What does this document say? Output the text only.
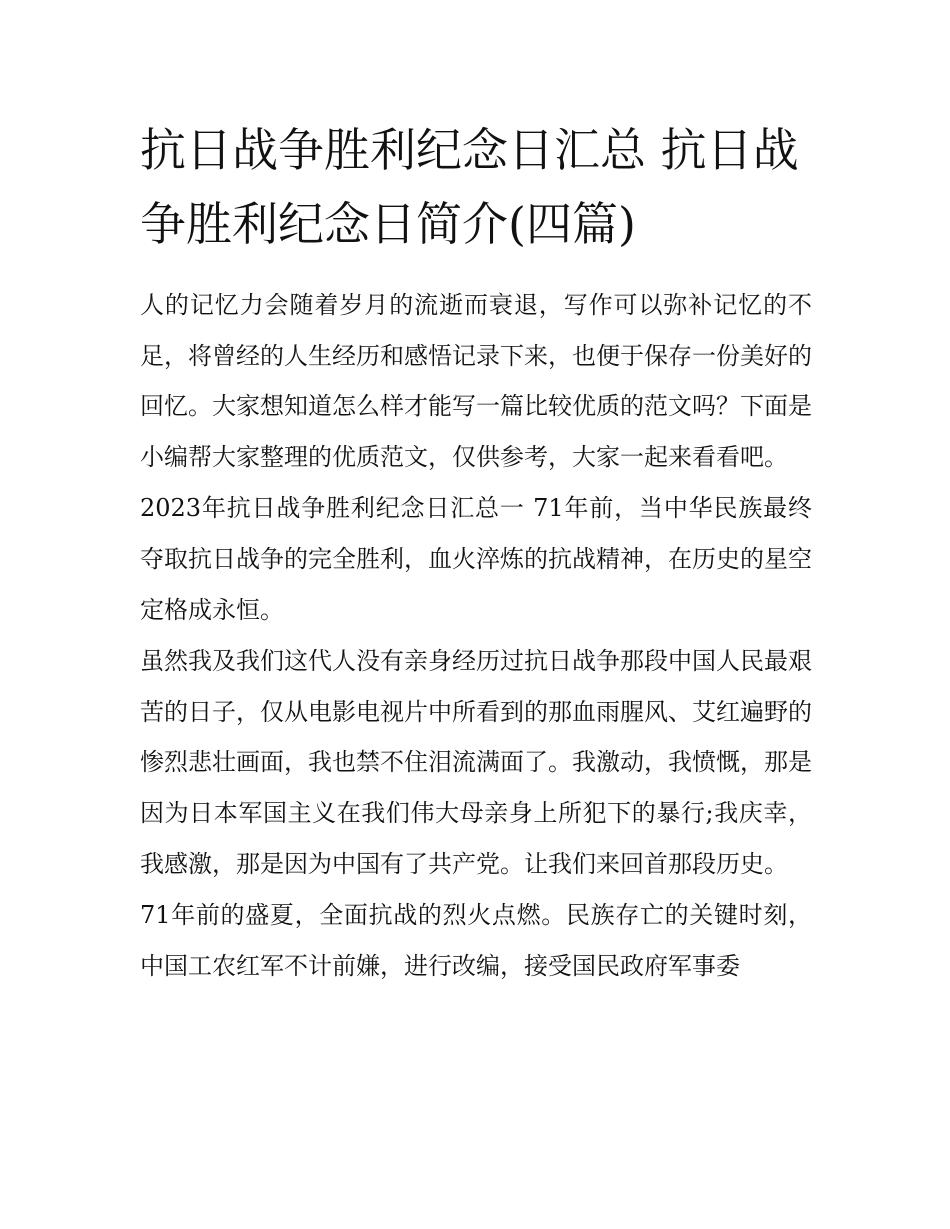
抗日战争胜利纪念日汇总 抗日战争胜利纪念日简介(四篇)

人的记忆力会随着岁月的流逝而衰退，写作可以弥补记忆的不足，将曾经的人生经历和感悟记录下来，也便于保存一份美好的回忆。大家想知道怎么样才能写一篇比较优质的范文吗？下面是小编帮大家整理的优质范文，仅供参考，大家一起来看看吧。

2023年抗日战争胜利纪念日汇总一 71年前，当中华民族最终夺取抗日战争的完全胜利，血火淬炼的抗战精神，在历史的星空定格成永恒。

虽然我及我们这代人没有亲身经历过抗日战争那段中国人民最艰苦的日子，仅从电影电视片中所看到的那血雨腥风、艾红遍野的惨烈悲壮画面，我也禁不住泪流满面了。我激动，我愤慨，那是因为日本军国主义在我们伟大母亲身上所犯下的暴行;我庆幸，我感激，那是因为中国有了共产党。让我们来回首那段历史。

71年前的盛夏，全面抗战的烈火点燃。民族存亡的关键时刻，中国工农红军不计前嫌，进行改编，接受国民政府军事委
